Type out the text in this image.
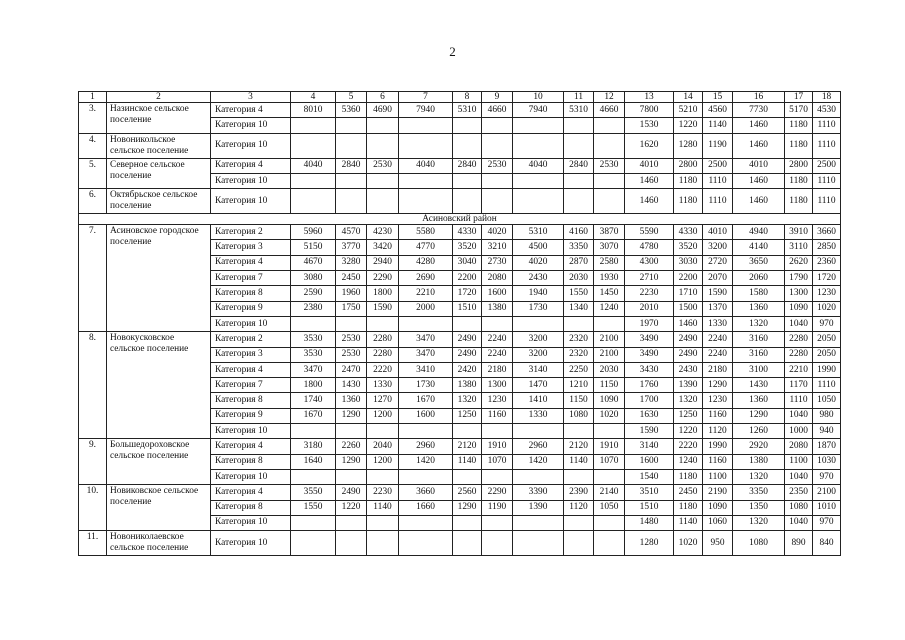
2
1	2	3	4	5	6	7	8	9	10	11	12	13	14	15	16	17	18
3.	Назинское сельское поселение	Категория 4	8010	5360	4690	7940	5310	4660	7940	5310	4660	7800	5210	4560	7730	5170	4530
		Категория 10										1530	1220	1140	1460	1180	1110
4.	Новоникольское сельское поселение	Категория 10										1620	1280	1190	1460	1180	1110
5.	Северное сельское поселение	Категория 4	4040	2840	2530	4040	2840	2530	4040	2840	2530	4010	2800	2500	4010	2800	2500
		Категория 10										1460	1180	1110	1460	1180	1110
6.	Октябрьское сельское поселение	Категория 10										1460	1180	1110	1460	1180	1110
Асиновский район																	
7.	Асиновское городское поселение	Категория 2	5960	4570	4230	5580	4330	4020	5310	4160	3870	5590	4330	4010	4940	3910	3660
		Категория 3	5150	3770	3420	4770	3520	3210	4500	3350	3070	4780	3520	3200	4140	3110	2850
		Категория 4	4670	3280	2940	4280	3040	2730	4020	2870	2580	4300	3030	2720	3650	2620	2360
		Категория 7	3080	2450	2290	2690	2200	2080	2430	2030	1930	2710	2200	2070	2060	1790	1720
		Категория 8	2590	1960	1800	2210	1720	1600	1940	1550	1450	2230	1710	1590	1580	1300	1230
		Категория 9	2380	1750	1590	2000	1510	1380	1730	1340	1240	2010	1500	1370	1360	1090	1020
		Категория 10										1970	1460	1330	1320	1040	970
8.	Новокусковское сельское поселение	Категория 2	3530	2530	2280	3470	2490	2240	3200	2320	2100	3490	2490	2240	3160	2280	2050
		Категория 3	3530	2530	2280	3470	2490	2240	3200	2320	2100	3490	2490	2240	3160	2280	2050
		Категория 4	3470	2470	2220	3410	2420	2180	3140	2250	2030	3430	2430	2180	3100	2210	1990
		Категория 7	1800	1430	1330	1730	1380	1300	1470	1210	1150	1760	1390	1290	1430	1170	1110
		Категория 8	1740	1360	1270	1670	1320	1230	1410	1150	1090	1700	1320	1230	1360	1110	1050
		Категория 9	1670	1290	1200	1600	1250	1160	1330	1080	1020	1630	1250	1160	1290	1040	980
		Категория 10										1590	1220	1120	1260	1000	940
9.	Большедороховское сельское поселение	Категория 4	3180	2260	2040	2960	2120	1910	2960	2120	1910	3140	2220	1990	2920	2080	1870
		Категория 8	1640	1290	1200	1420	1140	1070	1420	1140	1070	1600	1240	1160	1380	1100	1030
		Категория 10										1540	1180	1100	1320	1040	970
10.	Новиковское сельское поселение	Категория 4	3550	2490	2230	3660	2560	2290	3390	2390	2140	3510	2450	2190	3350	2350	2100
		Категория 8	1550	1220	1140	1660	1290	1190	1390	1120	1050	1510	1180	1090	1350	1080	1010
		Категория 10										1480	1140	1060	1320	1040	970
11.	Новониколаевское сельское поселение	Категория 10										1280	1020	950	1080	890	840
